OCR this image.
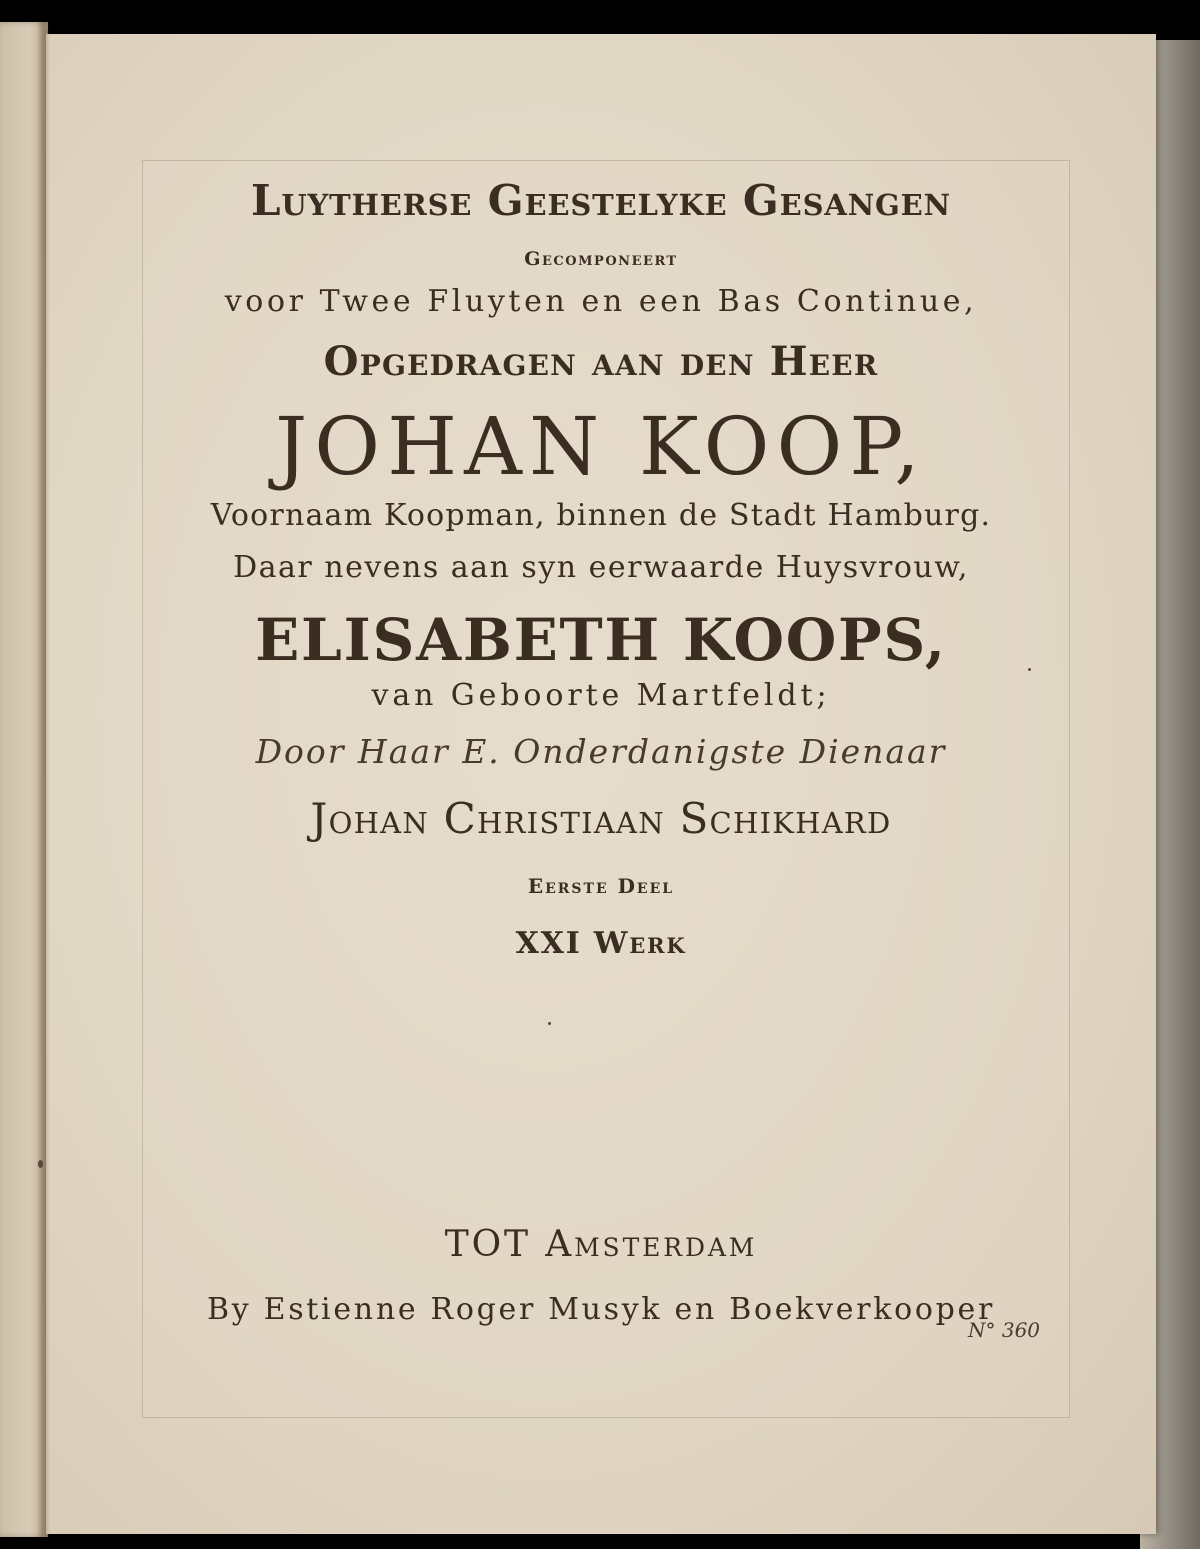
Luytherse Geestelyke Gesangen
Gecomponeert
voor Twee Fluyten en een Bas Continue,
Opgedragen aan den Heer
JOHAN KOOP,
Voornaam Koopman, binnen de Stadt Hamburg.
Daar nevens aan syn eerwaarde Huysvrouw,
ELISABETH KOOPS,
van Geboorte Martfeldt;
Door Haar E. Onderdanigste Dienaar
Johan Christiaan Schikhard
Eerste Deel
XXI Werk
TOT Amsterdam
By Estienne Roger Musyk en Boekverkooper
N° 360
